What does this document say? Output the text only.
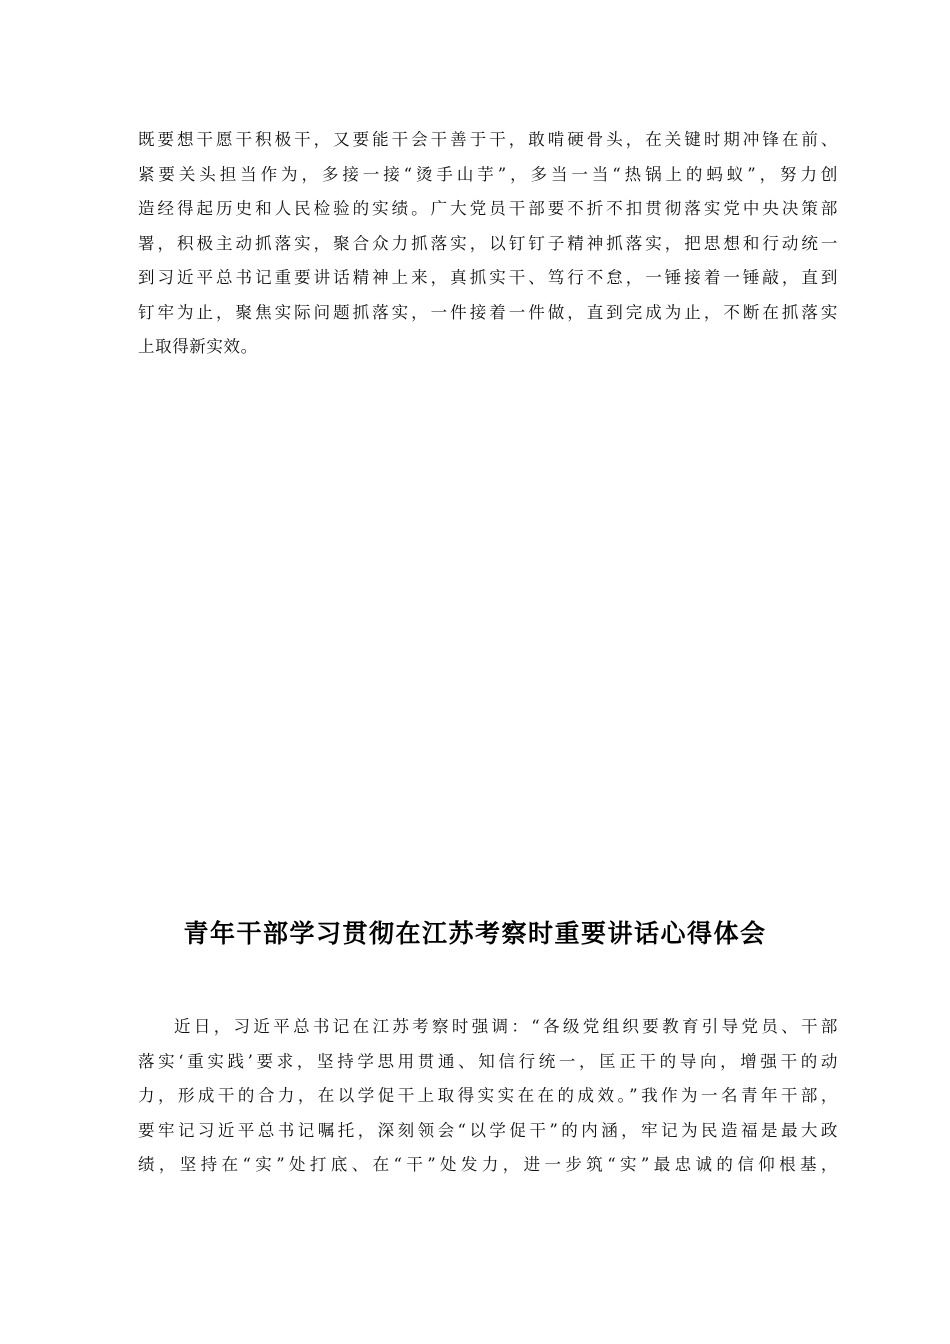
既要想干愿干积极干，又要能干会干善于干，敢啃硬骨头，在关键时期冲锋在前、
紧要关头担当作为，多接一接“烫手山芋”，多当一当“热锅上的蚂蚁”，努力创
造经得起历史和人民检验的实绩。广大党员干部要不折不扣贯彻落实党中央决策部
署，积极主动抓落实，聚合众力抓落实，以钉钉子精神抓落实，把思想和行动统一
到习近平总书记重要讲话精神上来，真抓实干、笃行不怠，一锤接着一锤敲，直到
钉牢为止，聚焦实际问题抓落实，一件接着一件做，直到完成为止，不断在抓落实
上取得新实效。
青年干部学习贯彻在江苏考察时重要讲话心得体会
近日，习近平总书记在江苏考察时强调：“各级党组织要教育引导党员、干部
落实‘重实践’要求，坚持学思用贯通、知信行统一，匡正干的导向，增强干的动
力，形成干的合力，在以学促干上取得实实在在的成效。”我作为一名青年干部，
要牢记习近平总书记嘱托，深刻领会“以学促干”的内涵，牢记为民造福是最大政
绩，坚持在“实”处打底、在“干”处发力，进一步筑“实”最忠诚的信仰根基，
